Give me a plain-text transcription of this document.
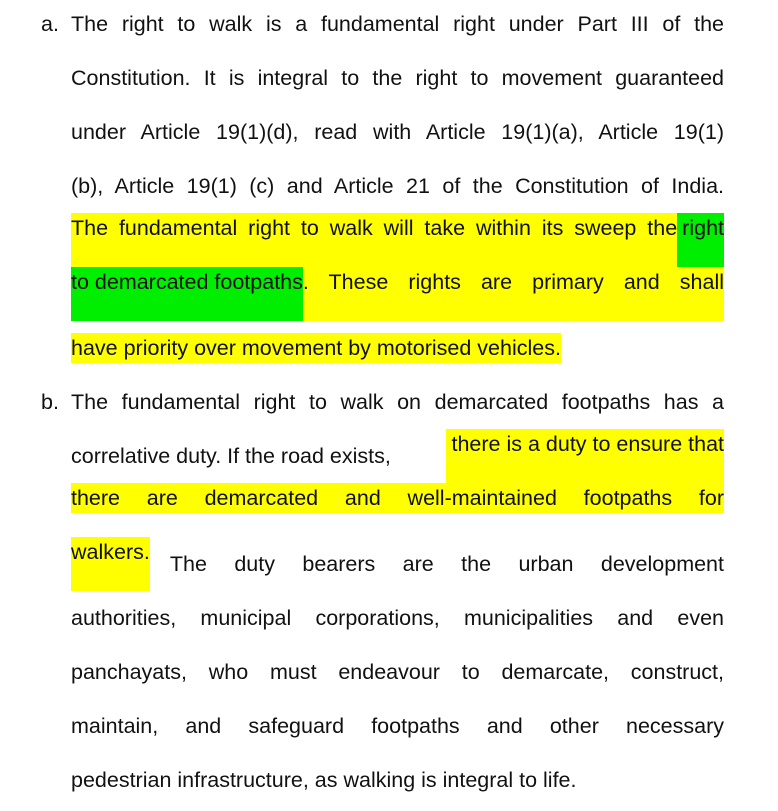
a. The right to walk is a fundamental right under Part III of the
Constitution. It is integral to the right to movement guaranteed
under Article 19(1)(d), read with Article 19(1)(a), Article 19(1)
(b), Article 19(1) (c) and Article 21 of the Constitution of India.
The fundamental right to walk will take within its sweep the right
to demarcated footpaths . These rights are primary and shall
have priority over movement by motorised vehicles.
b. The fundamental right to walk on demarcated footpaths has a
correlative duty. If the road exists,	there is a duty to ensure that
there are demarcated and well-maintained footpaths for
walkers. The duty bearers are the urban development
authorities, municipal corporations, municipalities and even
panchayats, who must endeavour to demarcate, construct,
maintain, and safeguard footpaths and other necessary
pedestrian infrastructure, as walking is integral to life.
